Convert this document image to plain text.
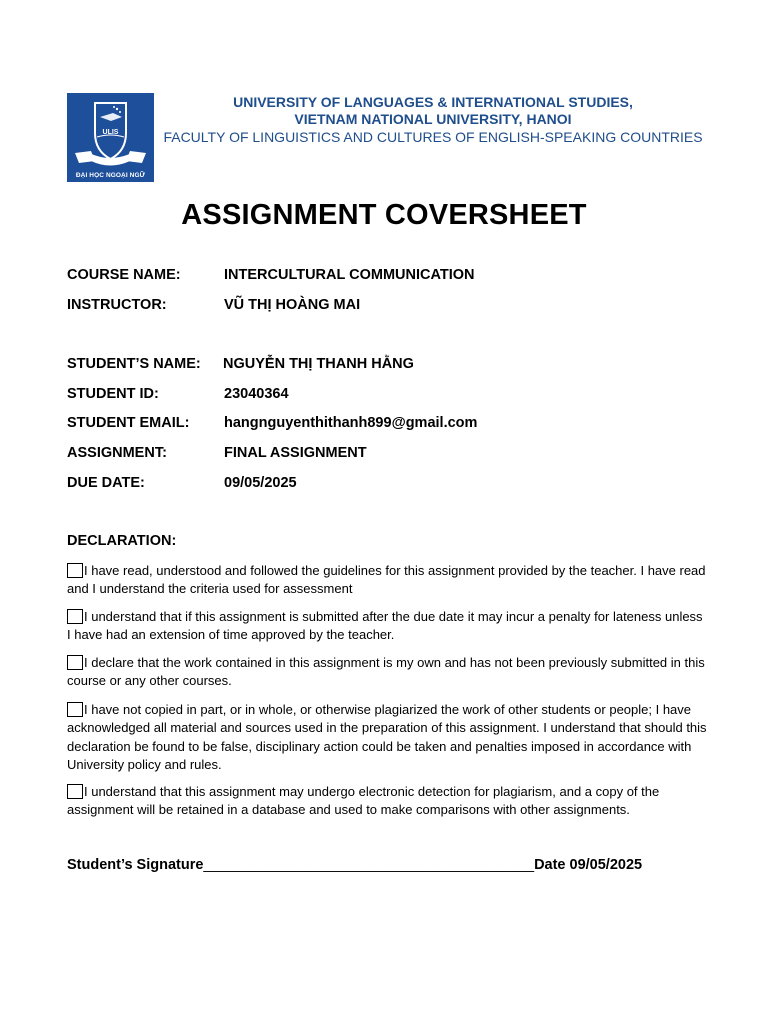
ULIS
ĐẠI HỌC NGOẠI NGỮ
UNIVERSITY OF LANGUAGES & INTERNATIONAL STUDIES,
VIETNAM NATIONAL UNIVERSITY, HANOI
FACULTY OF LINGUISTICS AND CULTURES OF ENGLISH-SPEAKING COUNTRIES
ASSIGNMENT COVERSHEET
COURSE NAME:	INTERCULTURAL COMMUNICATION
INSTRUCTOR:	VŨ THỊ HOÀNG MAI
STUDENT’S NAME: NGUYỄN THỊ THANH HẰNG
STUDENT ID:	23040364
STUDENT EMAIL: hangnguyenthithanh899@gmail.com
ASSIGNMENT:	FINAL ASSIGNMENT
DUE DATE:	09/05/2025
DECLARATION:
I have read, understood and followed the guidelines for this assignment provided by the teacher. I have read and I understand the criteria used for assessment
I understand that if this assignment is submitted after the due date it may incur a penalty for lateness unless I have had an extension of time approved by the teacher.
I declare that the work contained in this assignment is my own and has not been previously submitted in this course or any other courses.
I have not copied in part, or in whole, or otherwise plagiarized the work of other students or people; I have acknowledged all material and sources used in the preparation of this assignment. I understand that should this declaration be found to be false, disciplinary action could be taken and penalties imposed in accordance with University policy and rules.
I understand that this assignment may undergo electronic detection for plagiarism, and a copy of the assignment will be retained in a database and used to make comparisons with other assignments.
Student’s Signature_________________________________________Date 09/05/2025
